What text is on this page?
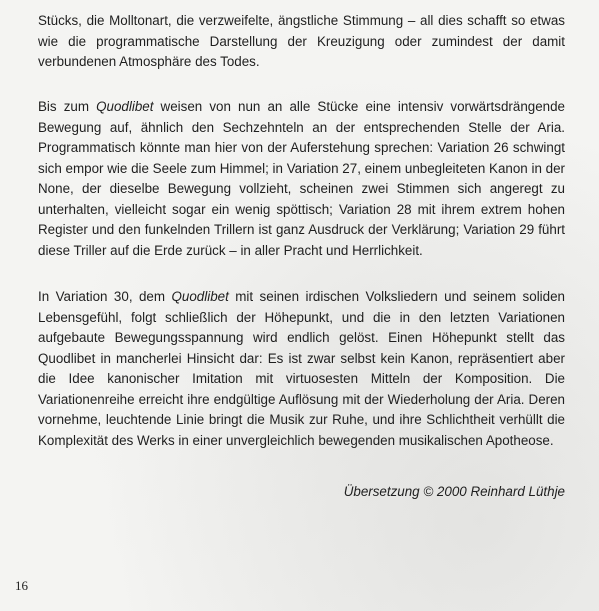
Stücks, die Molltonart, die verzweifelte, ängstliche Stimmung – all dies schafft so etwas wie die programmatische Darstellung der Kreuzigung oder zumindest der damit verbundenen Atmosphäre des Todes.

Bis zum Quodlibet weisen von nun an alle Stücke eine intensiv vorwärtsdrängende Bewegung auf, ähnlich den Sechzehnteln an der entsprechenden Stelle der Aria. Programmatisch könnte man hier von der Auferstehung sprechen: Variation 26 schwingt sich empor wie die Seele zum Himmel; in Variation 27, einem unbegleiteten Kanon in der None, der dieselbe Bewegung vollzieht, scheinen zwei Stimmen sich angeregt zu unterhalten, vielleicht sogar ein wenig spöttisch; Variation 28 mit ihrem extrem hohen Register und den funkelnden Trillern ist ganz Ausdruck der Verklärung; Variation 29 führt diese Triller auf die Erde zurück – in aller Pracht und Herrlichkeit.

In Variation 30, dem Quodlibet mit seinen irdischen Volksliedern und seinem soliden Lebensgefühl, folgt schließlich der Höhepunkt, und die in den letzten Variationen aufgebaute Bewegungsspannung wird endlich gelöst. Einen Höhepunkt stellt das Quodlibet in mancherlei Hinsicht dar: Es ist zwar selbst kein Kanon, repräsentiert aber die Idee kanonischer Imitation mit virtuosesten Mitteln der Komposition. Die Variationenreihe erreicht ihre endgültige Auflösung mit der Wiederholung der Aria. Deren vornehme, leuchtende Linie bringt die Musik zur Ruhe, und ihre Schlichtheit verhüllt die Komplexität des Werks in einer unvergleichlich bewegenden musikalischen Apotheose.

Übersetzung © 2000 Reinhard Lüthje
16
